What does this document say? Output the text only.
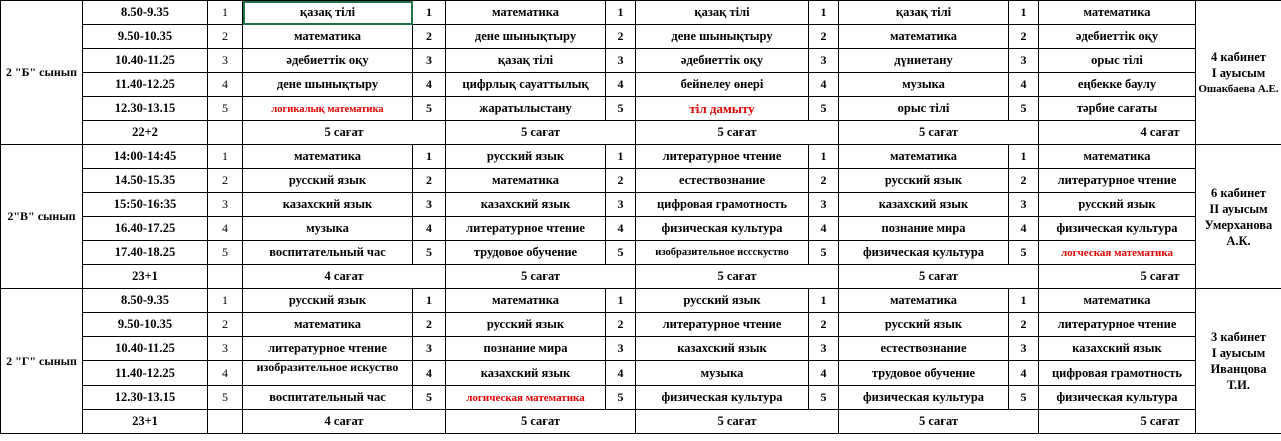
2 "Б" сынып	8.50-9.35	1	қазақ тілі	1	математика	1	қазақ тілі	1	қазақ тілі	1	математика	4 кабинет
I ауысым
Ошакбаева А.Е.

	9.50-10.35	2	математика	2	дене шынықтыру	2	дене шынықтыру	2	математика	2	әдебиеттік оқу	
	10.40-11.25	3	әдебиеттік оқу	3	қазақ тілі	3	әдебиеттік оқу	3	дүниетану	3	орыс тілі	
	11.40-12.25	4	дене шынықтыру	4	цифрлық сауаттылық	4	бейнелеу өнері	4	музыка	4	еңбекке баулу	
	12.30-13.15	5	логикалық математика	5	жаратылыстану	5	тіл дамыту	5	орыс тілі	5	тәрбие сағаты	
	22+2		5 сағат		5 сағат		5 сағат		5 сағат		4 сағат	
2"В" сынып	14:00-14:45	1	математика	1	русский язык	1	литературное чтение	1	математика	1	математика	6 кабинет
II ауысым
Умерханова
А.К.

	14.50-15.35	2	русский язык	2	математика	2	естествознание	2	русский язык	2	литературное чтение	
	15:50-16:35	3	казахский язык	3	казахский язык	3	цифровая грамотность	3	казахский язык	3	русский язык	
	16.40-17.25	4	музыка	4	литературное чтение	4	физическая культура	4	познание мира	4	физическая культура	
	17.40-18.25	5	воспитательный час	5	трудовое обучение	5	изобразительное иссскуство	5	физическая культура	5	логческая математика	
	23+1		4 сағат		5 сағат		5 сағат		5 сағат		5 сағат	
2 "Г" сынып	8.50-9.35	1	русский язык	1	математика	1	русский язык	1	математика	1	математика	3 кабинет
I ауысым
Иванцова
Т.И.

	9.50-10.35	2	математика	2	русский язык	2	литературное чтение	2	русский язык	2	литературное чтение	
	10.40-11.25	3	литературное чтение	3	познание мира	3	казахский язык	3	естествознание	3	казахский язык	
	11.40-12.25	4	изобразительное искуство	4	казахский язык	4	музыка	4	трудовое обучение	4	цифровая грамотность	
	12.30-13.15	5	воспитательный час	5	логическая математика	5	физическая культура	5	физическая культура	5	физическая культура	
	23+1		4 сағат		5 сағат		5 сағат		5 сағат		5 сағат	
